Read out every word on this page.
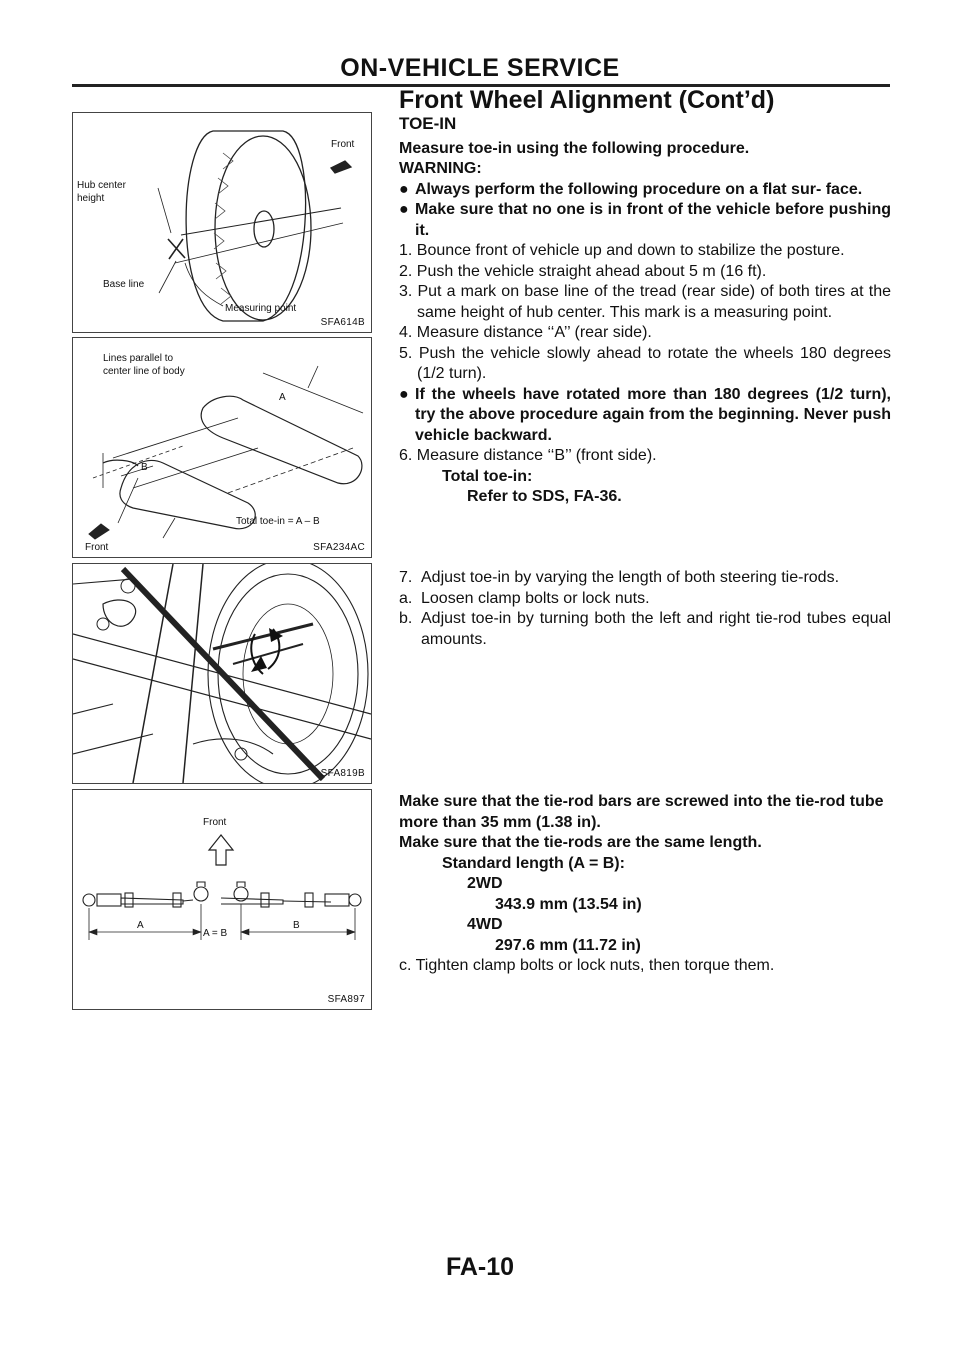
ON-VEHICLE SERVICE
Front Wheel Alignment (Cont’d)
Front
Hub center
height
Base line
Measuring point
SFA614B
Lines parallel to
center line of body
A
B
Total toe-in = A – B
Front	SFA234AC
SFA819B
Front
A
A = B
B
SFA897

TOE-IN

Measure toe-in using the following procedure.

WARNING:

● Always perform the following procedure on a flat sur- face.
● Make sure that no one is in front of the vehicle before pushing it.

1. Bounce front of vehicle up and down to stabilize the posture.

2. Push the vehicle straight ahead about 5 m (16 ft).

3. Put a mark on base line of the tread (rear side) of both tires at the same height of hub center. This mark is a measuring point.

4. Measure distance ‘‘A’’ (rear side).

5. Push the vehicle slowly ahead to rotate the wheels 180 degrees (1/2 turn).

● If the wheels have rotated more than 180 degrees (1/2 turn), try the above procedure again from the beginning. Never push vehicle backward.

6. Measure distance ‘‘B’’ (front side).

Total toe-in:

Refer to SDS, FA-36.

7. Adjust toe-in by varying the length of both steering tie-rods.
a. Loosen clamp bolts or lock nuts.
b. Adjust toe-in by turning both the left and right tie-rod tubes equal amounts.

Make sure that the tie-rod bars are screwed into the tie-rod tube more than 35 mm (1.38 in).

Make sure that the tie-rods are the same length.

Standard length (A = B):

2WD

343.9 mm (13.54 in)

4WD

297.6 mm (11.72 in)

c. Tighten clamp bolts or lock nuts, then torque them.

FA-10
